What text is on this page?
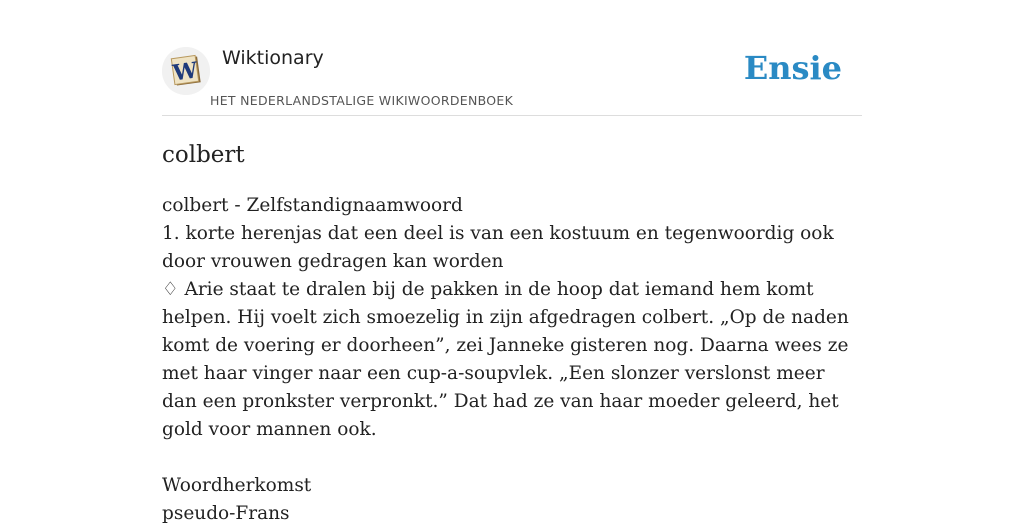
W Wiktionary
HET NEDERLANDSTALIGE WIKIWOORDENBOEK
Ensie
colbert

colbert - Zelfstandignaamwoord

1. korte herenjas dat een deel is van een kostuum en tegenwoordig ook door vrouwen gedragen kan worden

♢ Arie staat te dralen bij de pakken in de hoop dat iemand hem komt helpen. Hij voelt zich smoezelig in zijn afgedragen colbert. „Op de naden komt de voering er doorheen”, zei Janneke gisteren nog. Daarna wees ze met haar vinger naar een cup-a-soupvlek. „Een slonzer verslonst meer dan een pronkster verpronkt.” Dat had ze van haar moeder geleerd, het gold voor mannen ook.

Woordherkomst

pseudo-Frans
